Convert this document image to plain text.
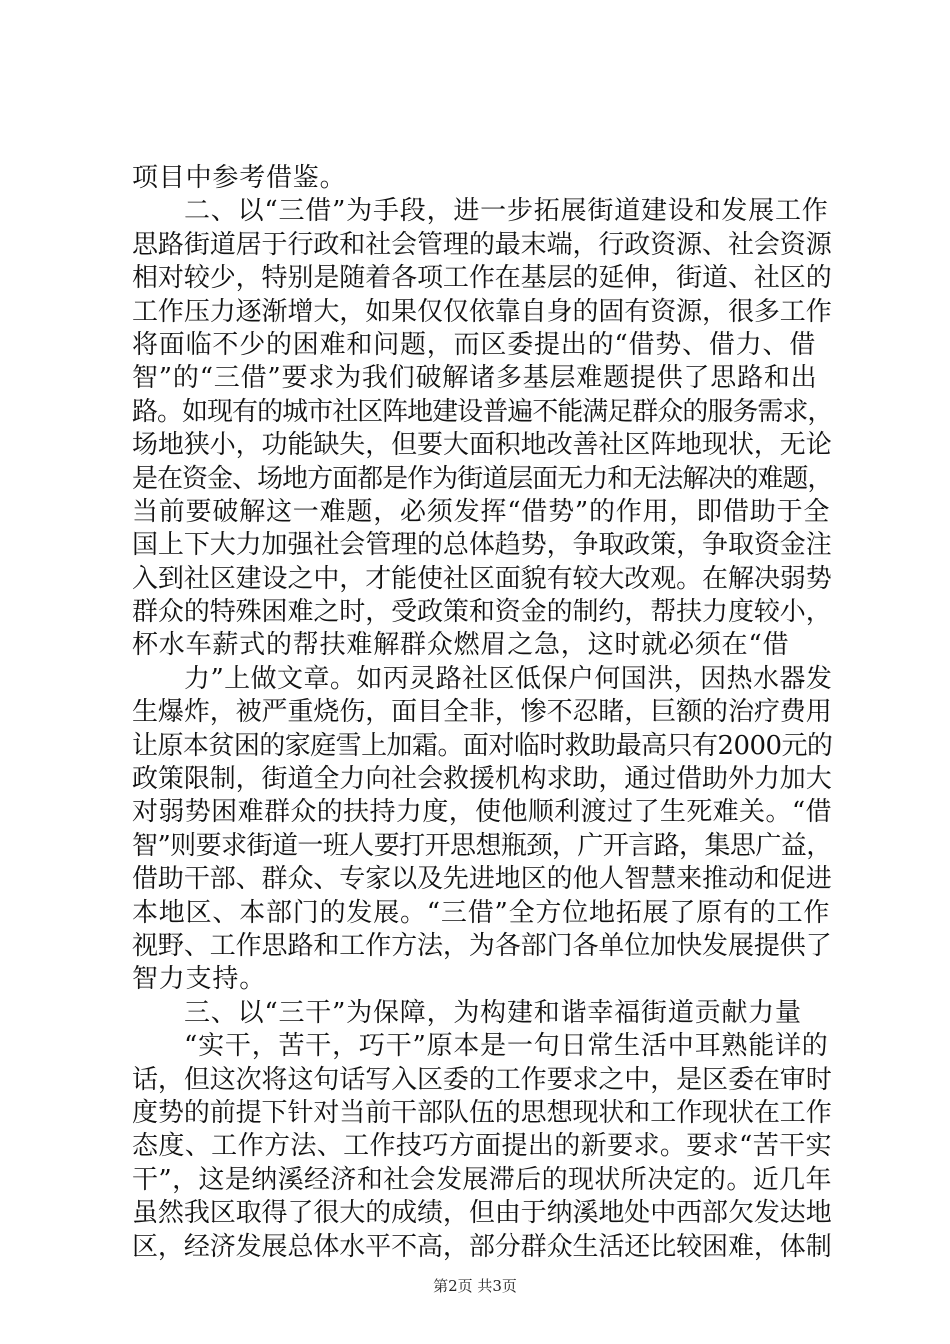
项目中参考借鉴。
二、以“三借”为手段，进一步拓展街道建设和发展工作
思路街道居于行政和社会管理的最末端，行政资源、社会资源
相对较少，特别是随着各项工作在基层的延伸，街道、社区的
工作压力逐渐增大，如果仅仅依靠自身的固有资源，很多工作
将面临不少的困难和问题，而区委提出的“借势、借力、借
智”的“三借”要求为我们破解诸多基层难题提供了思路和出
路。如现有的城市社区阵地建设普遍不能满足群众的服务需求，
场地狭小，功能缺失，但要大面积地改善社区阵地现状，无论
是在资金、场地方面都是作为街道层面无力和无法解决的难题，
当前要破解这一难题，必须发挥“借势”的作用，即借助于全
国上下大力加强社会管理的总体趋势，争取政策，争取资金注
入到社区建设之中，才能使社区面貌有较大改观。在解决弱势
群众的特殊困难之时，受政策和资金的制约，帮扶力度较小，
杯水车薪式的帮扶难解群众燃眉之急，这时就必须在“借
力”上做文章。如丙灵路社区低保户何国洪，因热水器发
生爆炸，被严重烧伤，面目全非，惨不忍睹，巨额的治疗费用
让原本贫困的家庭雪上加霜。面对临时救助最高只有2000元的
政策限制，街道全力向社会救援机构求助，通过借助外力加大
对弱势困难群众的扶持力度，使他顺利渡过了生死难关。“借
智”则要求街道一班人要打开思想瓶颈，广开言路，集思广益，
借助干部、群众、专家以及先进地区的他人智慧来推动和促进
本地区、本部门的发展。“三借”全方位地拓展了原有的工作
视野、工作思路和工作方法，为各部门各单位加快发展提供了
智力支持。
三、以“三干”为保障，为构建和谐幸福街道贡献力量
“实干，苦干，巧干”原本是一句日常生活中耳熟能详的
话，但这次将这句话写入区委的工作要求之中，是区委在审时
度势的前提下针对当前干部队伍的思想现状和工作现状在工作
态度、工作方法、工作技巧方面提出的新要求。要求“苦干实
干”，这是纳溪经济和社会发展滞后的现状所决定的。近几年
虽然我区取得了很大的成绩，但由于纳溪地处中西部欠发达地
区，经济发展总体水平不高，部分群众生活还比较困难，体制
第2页 共3页
